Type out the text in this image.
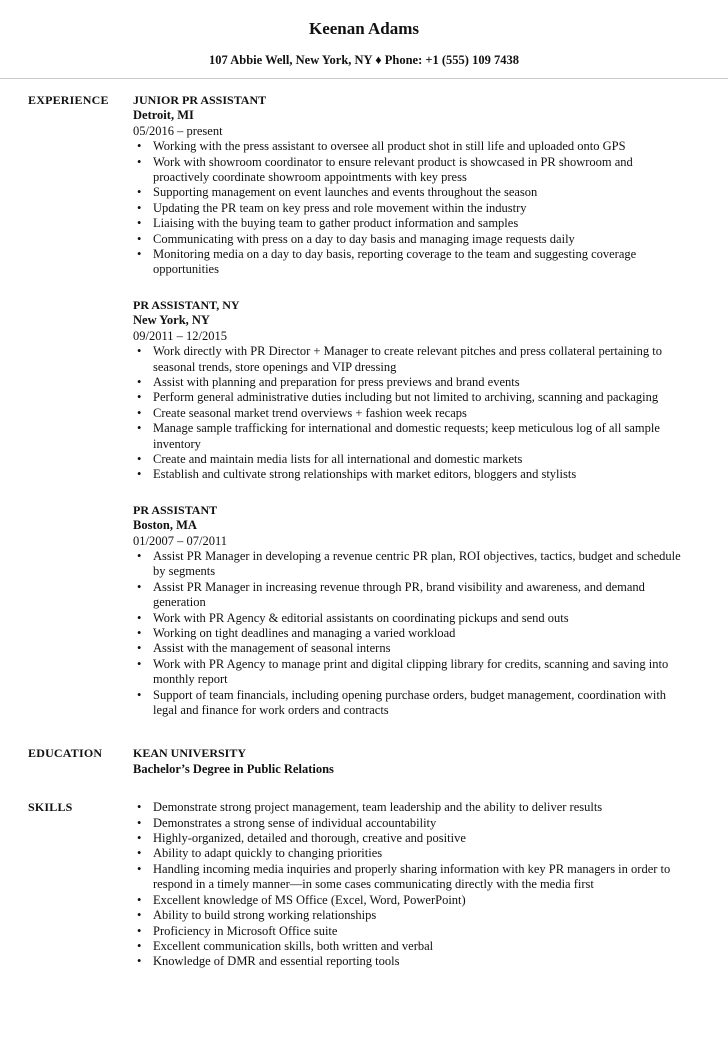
Keenan Adams
107 Abbie Well, New York, NY ♦ Phone: +1 (555) 109 7438
EXPERIENCE JUNIOR PR ASSISTANT
Detroit, MI
05/2016 – present
• Working with the press assistant to oversee all product shot in still life and uploaded onto GPS
• Work with showroom coordinator to ensure relevant product is showcased in PR showroom and proactively coordinate showroom appointments with key press
• Supporting management on event launches and events throughout the season
• Updating the PR team on key press and role movement within the industry
• Liaising with the buying team to gather product information and samples
• Communicating with press on a day to day basis and managing image requests daily
• Monitoring media on a day to day basis, reporting coverage to the team and suggesting coverage opportunities
PR ASSISTANT, NY
New York, NY
09/2011 – 12/2015
• Work directly with PR Director + Manager to create relevant pitches and press collateral pertaining to seasonal trends, store openings and VIP dressing
• Assist with planning and preparation for press previews and brand events
• Perform general administrative duties including but not limited to archiving, scanning and packaging
• Create seasonal market trend overviews + fashion week recaps
• Manage sample trafficking for international and domestic requests; keep meticulous log of all sample inventory
• Create and maintain media lists for all international and domestic markets
• Establish and cultivate strong relationships with market editors, bloggers and stylists
PR ASSISTANT
Boston, MA
01/2007 – 07/2011
• Assist PR Manager in developing a revenue centric PR plan, ROI objectives, tactics, budget and schedule by segments
• Assist PR Manager in increasing revenue through PR, brand visibility and awareness, and demand generation
• Work with PR Agency & editorial assistants on coordinating pickups and send outs
• Working on tight deadlines and managing a varied workload
• Assist with the management of seasonal interns
• Work with PR Agency to manage print and digital clipping library for credits, scanning and saving into monthly report
• Support of team financials, including opening purchase orders, budget management, coordination with legal and finance for work orders and contracts
EDUCATION	KEAN UNIVERSITY
Bachelor’s Degree in Public Relations
SKILLS
•	Demonstrate strong project management, team leadership and the ability to deliver results
• Demonstrates a strong sense of individual accountability
• Highly-organized, detailed and thorough, creative and positive
• Ability to adapt quickly to changing priorities
• Handling incoming media inquiries and properly sharing information with key PR managers in order to respond in a timely manner—in some cases communicating directly with the media first
• Excellent knowledge of MS Office (Excel, Word, PowerPoint)
• Ability to build strong working relationships
• Proficiency in Microsoft Office suite
• Excellent communication skills, both written and verbal
• Knowledge of DMR and essential reporting tools
